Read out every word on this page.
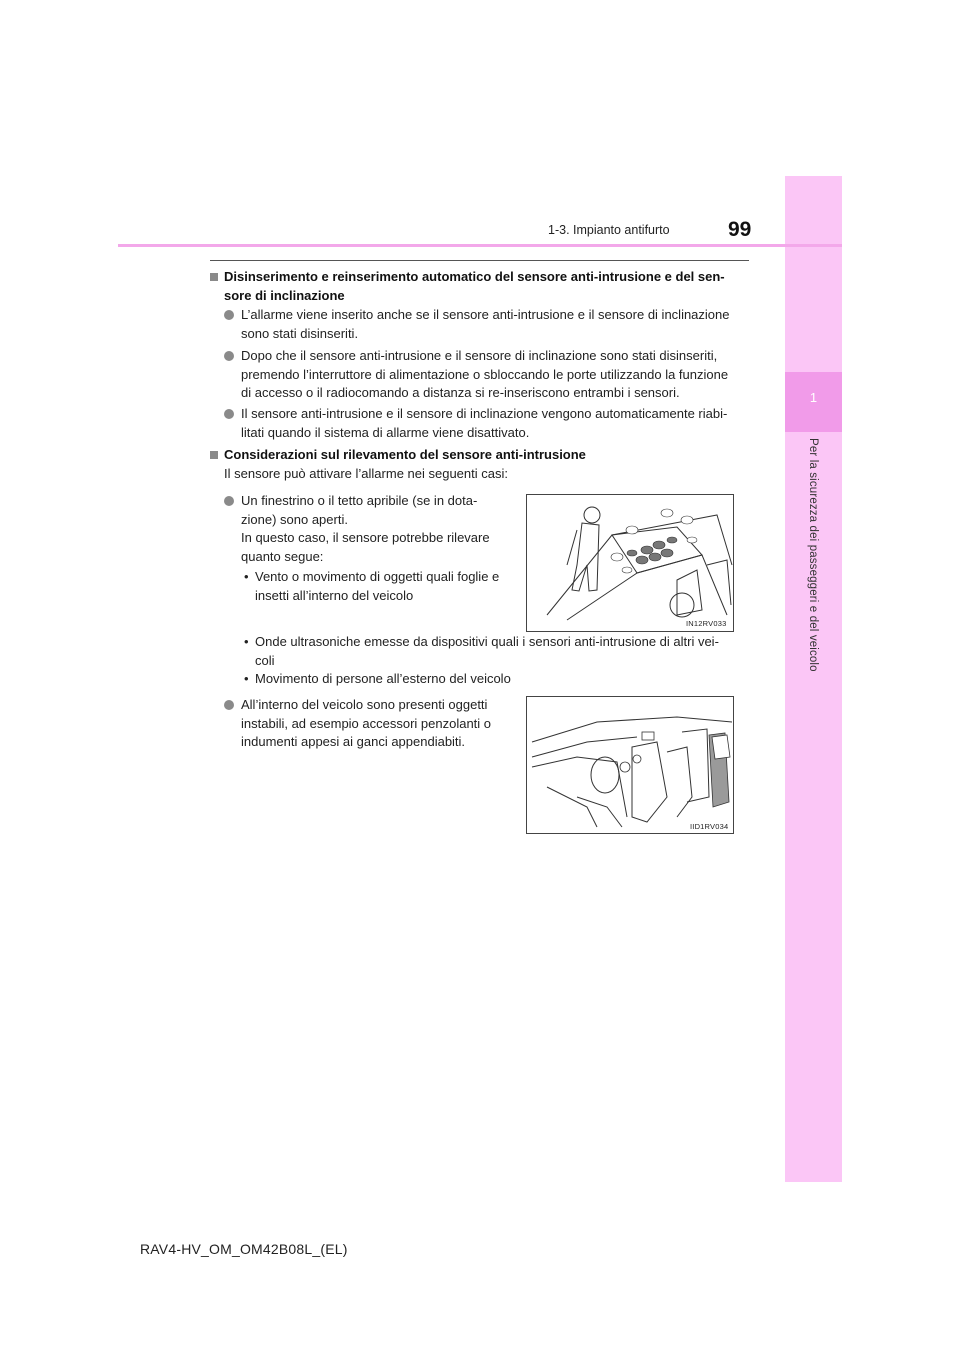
1
Per la sicurezza dei passeggeri e del veicolo
1-3. Impianto antifurto	99
Disinserimento e reinserimento automatico del sensore anti-intrusione e del sen-
sore di inclinazione
L’allarme viene inserito anche se il sensore anti-intrusione e il sensore di inclinazione
sono stati disinseriti.
Dopo che il sensore anti-intrusione e il sensore di inclinazione sono stati disinseriti,
premendo l’interruttore di alimentazione o sbloccando le porte utilizzando la funzione
di accesso o il radiocomando a distanza si re-inseriscono entrambi i sensori.
Il sensore anti-intrusione e il sensore di inclinazione vengono automaticamente riabi-
litati quando il sistema di allarme viene disattivato.
Considerazioni sul rilevamento del sensore anti-intrusione
Il sensore può attivare l’allarme nei seguenti casi:
Un finestrino o il tetto apribile (se in dota-
zione) sono aperti.
In questo caso, il sensore potrebbe rilevare
quanto segue:
• Vento o movimento di oggetti quali foglie e
insetti all’interno del veicolo
IN12RV033
• Onde ultrasoniche emesse da dispositivi quali i sensori anti-intrusione di altri vei-
coli
• Movimento di persone all’esterno del veicolo
All’interno del veicolo sono presenti oggetti
instabili, ad esempio accessori penzolanti o
indumenti appesi ai ganci appendiabiti.
IID1RV034
RAV4-HV_OM_OM42B08L_(EL)
